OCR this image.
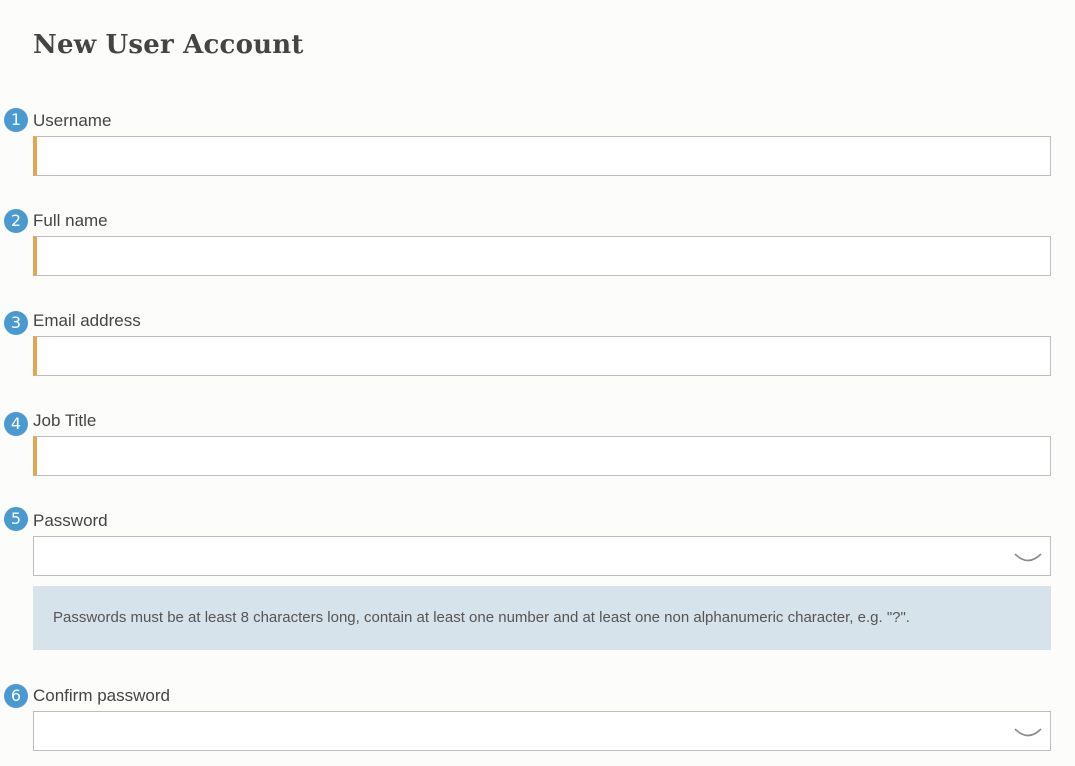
New User Account
1 Username
2 Full name
3 Email address
4 Job Title
5 Password
Passwords must be at least 8 characters long, contain at least one number and at least one non alphanumeric character, e.g. "?".
6 Confirm password
